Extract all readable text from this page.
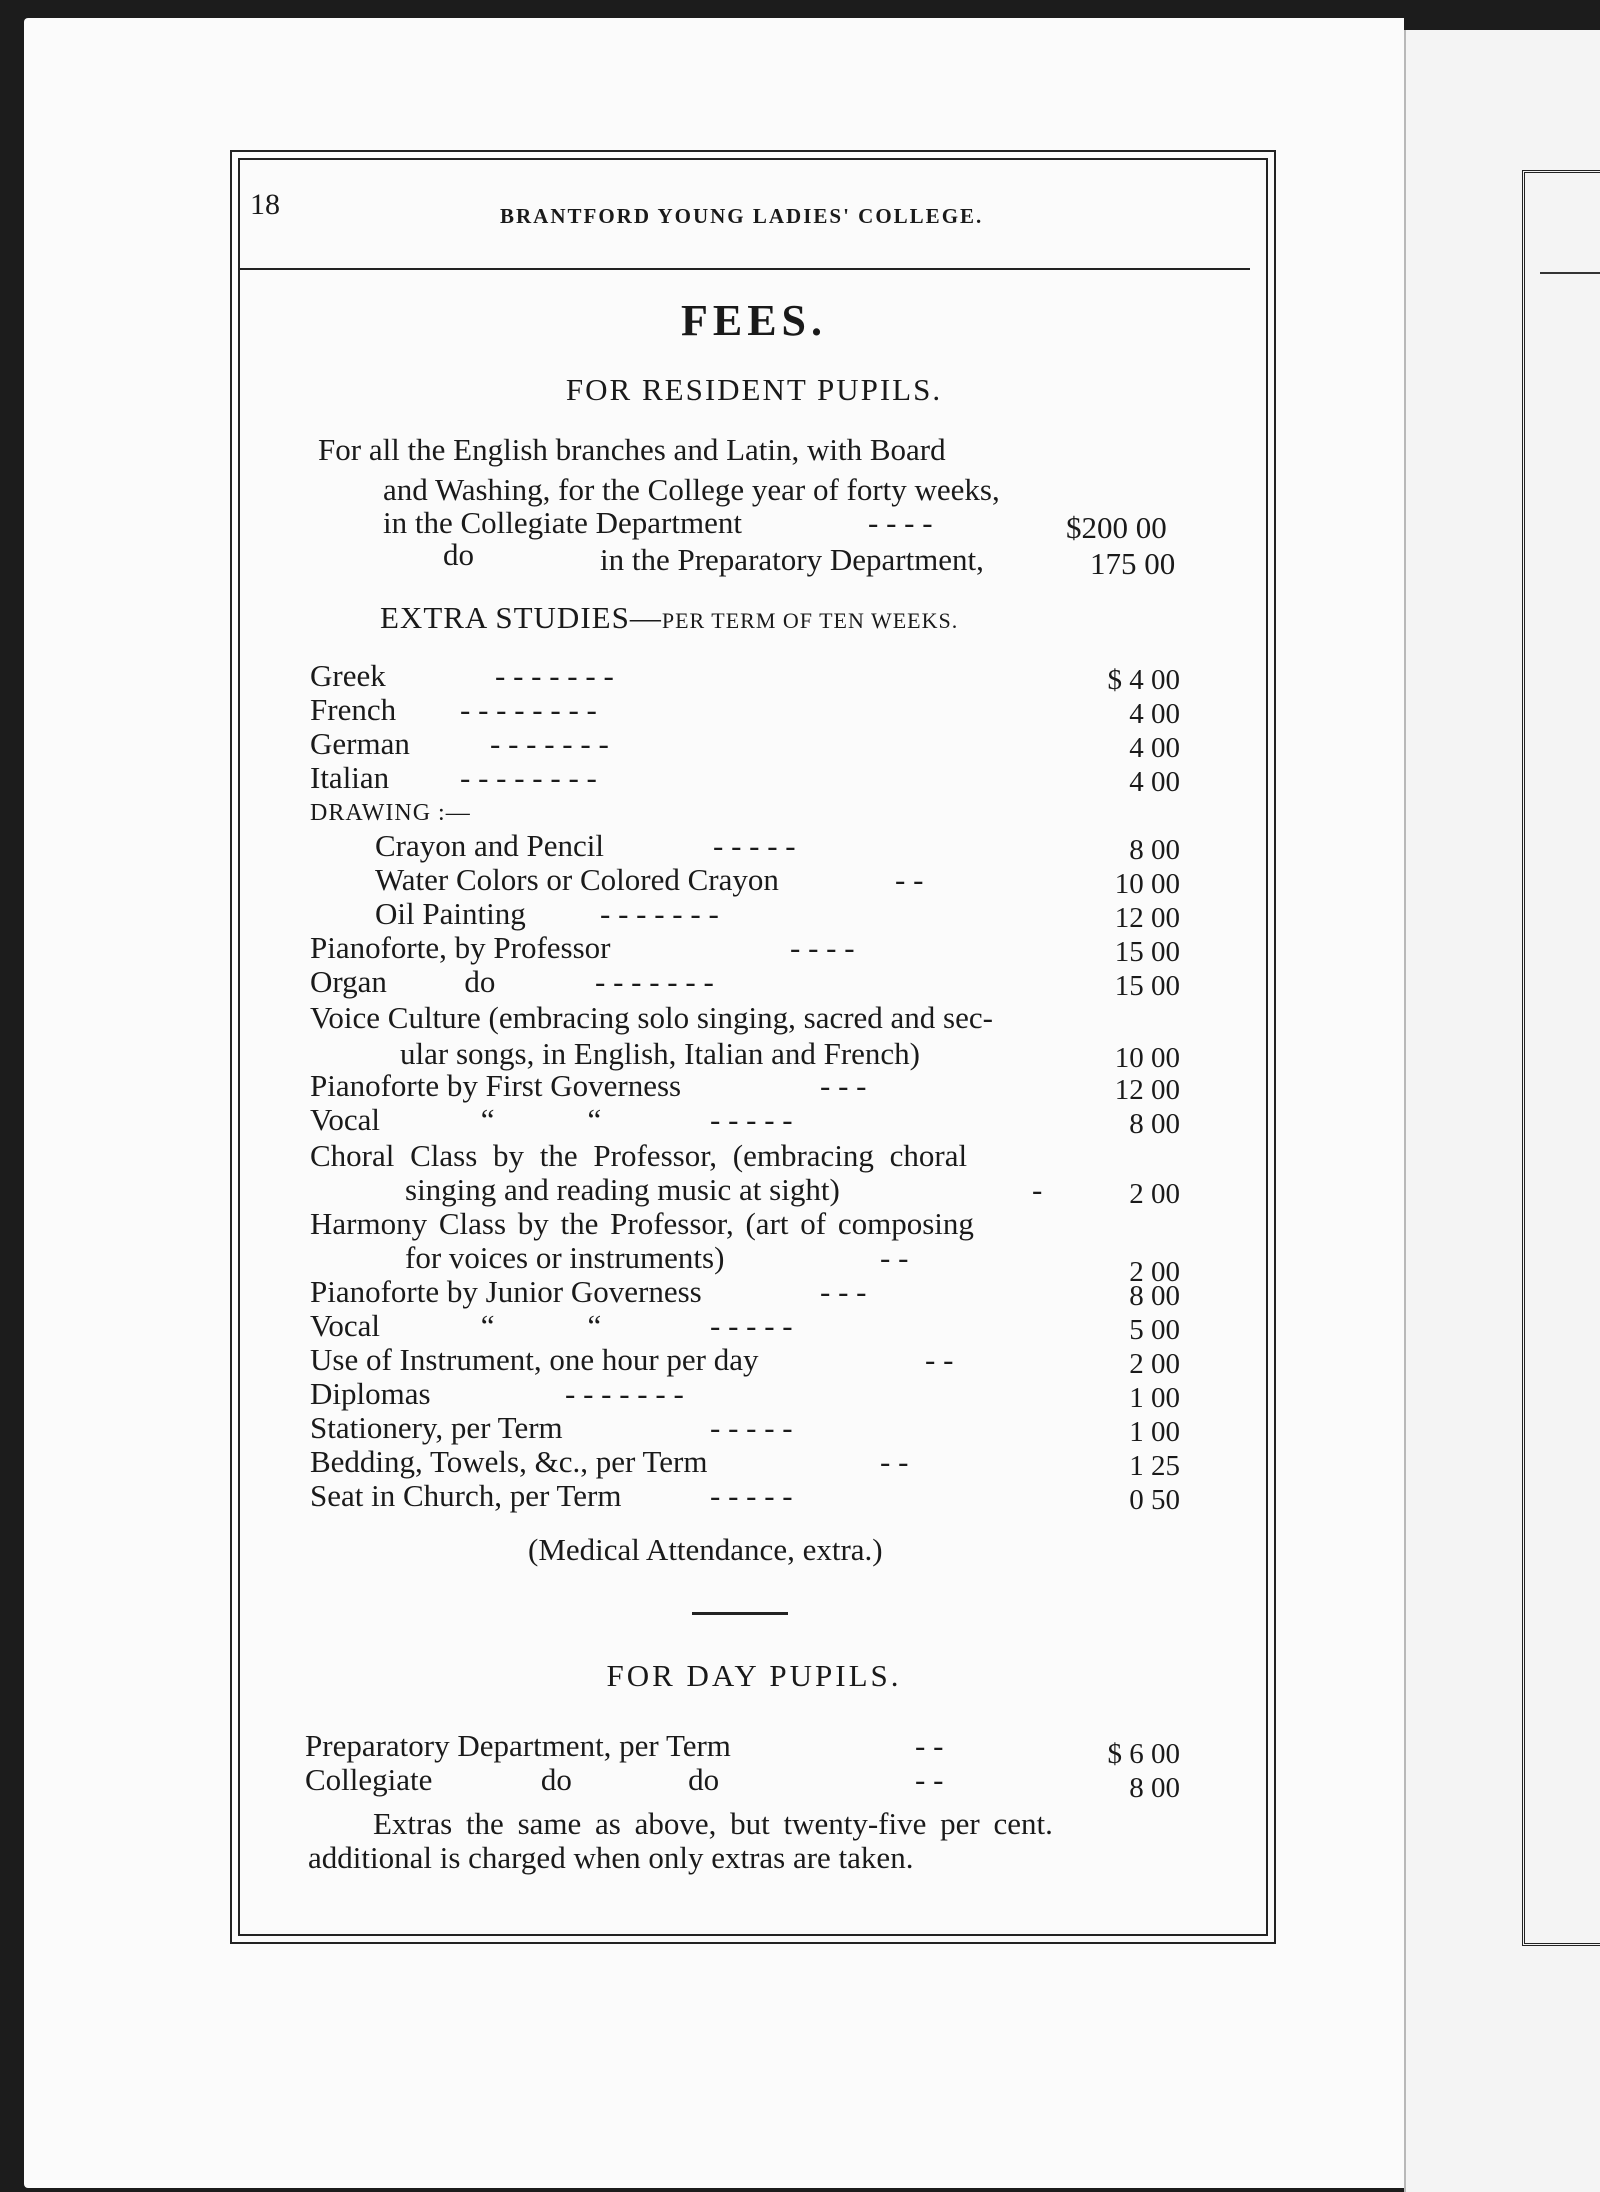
18	BRANTFORD YOUNG LADIES' COLLEGE.
FEES.
FOR RESIDENT PUPILS.
For all the English branches and Latin, with Board
and Washing, for the College year of forty weeks,
in the Collegiate Department	- - - -	$200 00
do	in the Preparatory Department,	175 00
EXTRA STUDIES—PER TERM OF TEN WEEKS.
Greek	- - - - - - -	$ 4 00
French - - - - - - - -	4 00
German	- - - - - - -	4 00
Italian - - - - - - - -	4 00
DRAWING :—
Crayon and Pencil	- - - - -	8 00
Water Colors or Colored Crayon	- -	10 00
Oil Painting - - - - - - -	12 00
Pianoforte, by Professor	- - - -	15 00
Organ          do	- - - - - - -	15 00
Voice Culture (embracing solo singing, sacred and sec-
ular songs, in English, Italian and French)	10 00
Pianoforte by First Governess	- - -	12 00
Vocal             “            “	- - - - -	8 00
Choral Class by the Professor, (embracing choral
singing and reading music at sight)	-	2 00
Harmony Class by the Professor, (art of composing
for voices or instruments)	- -	2 00
Pianoforte by Junior Governess	- - -	8 00
Vocal             “            “	- - - - -	5 00
Use of Instrument, one hour per day	- -	2 00
Diplomas	- - - - - - -	1 00
Stationery, per Term	- - - - -	1 00
Bedding, Towels, &c., per Term	- -	1 25
Seat in Church, per Term	- - - - -	0 50
(Medical Attendance, extra.)
FOR DAY PUPILS.
Preparatory Department, per Term	- -	$ 6 00
Collegiate              do               do	- -	8 00
Extras the same as above, but twenty-five per cent.
additional is charged when only extras are taken.
